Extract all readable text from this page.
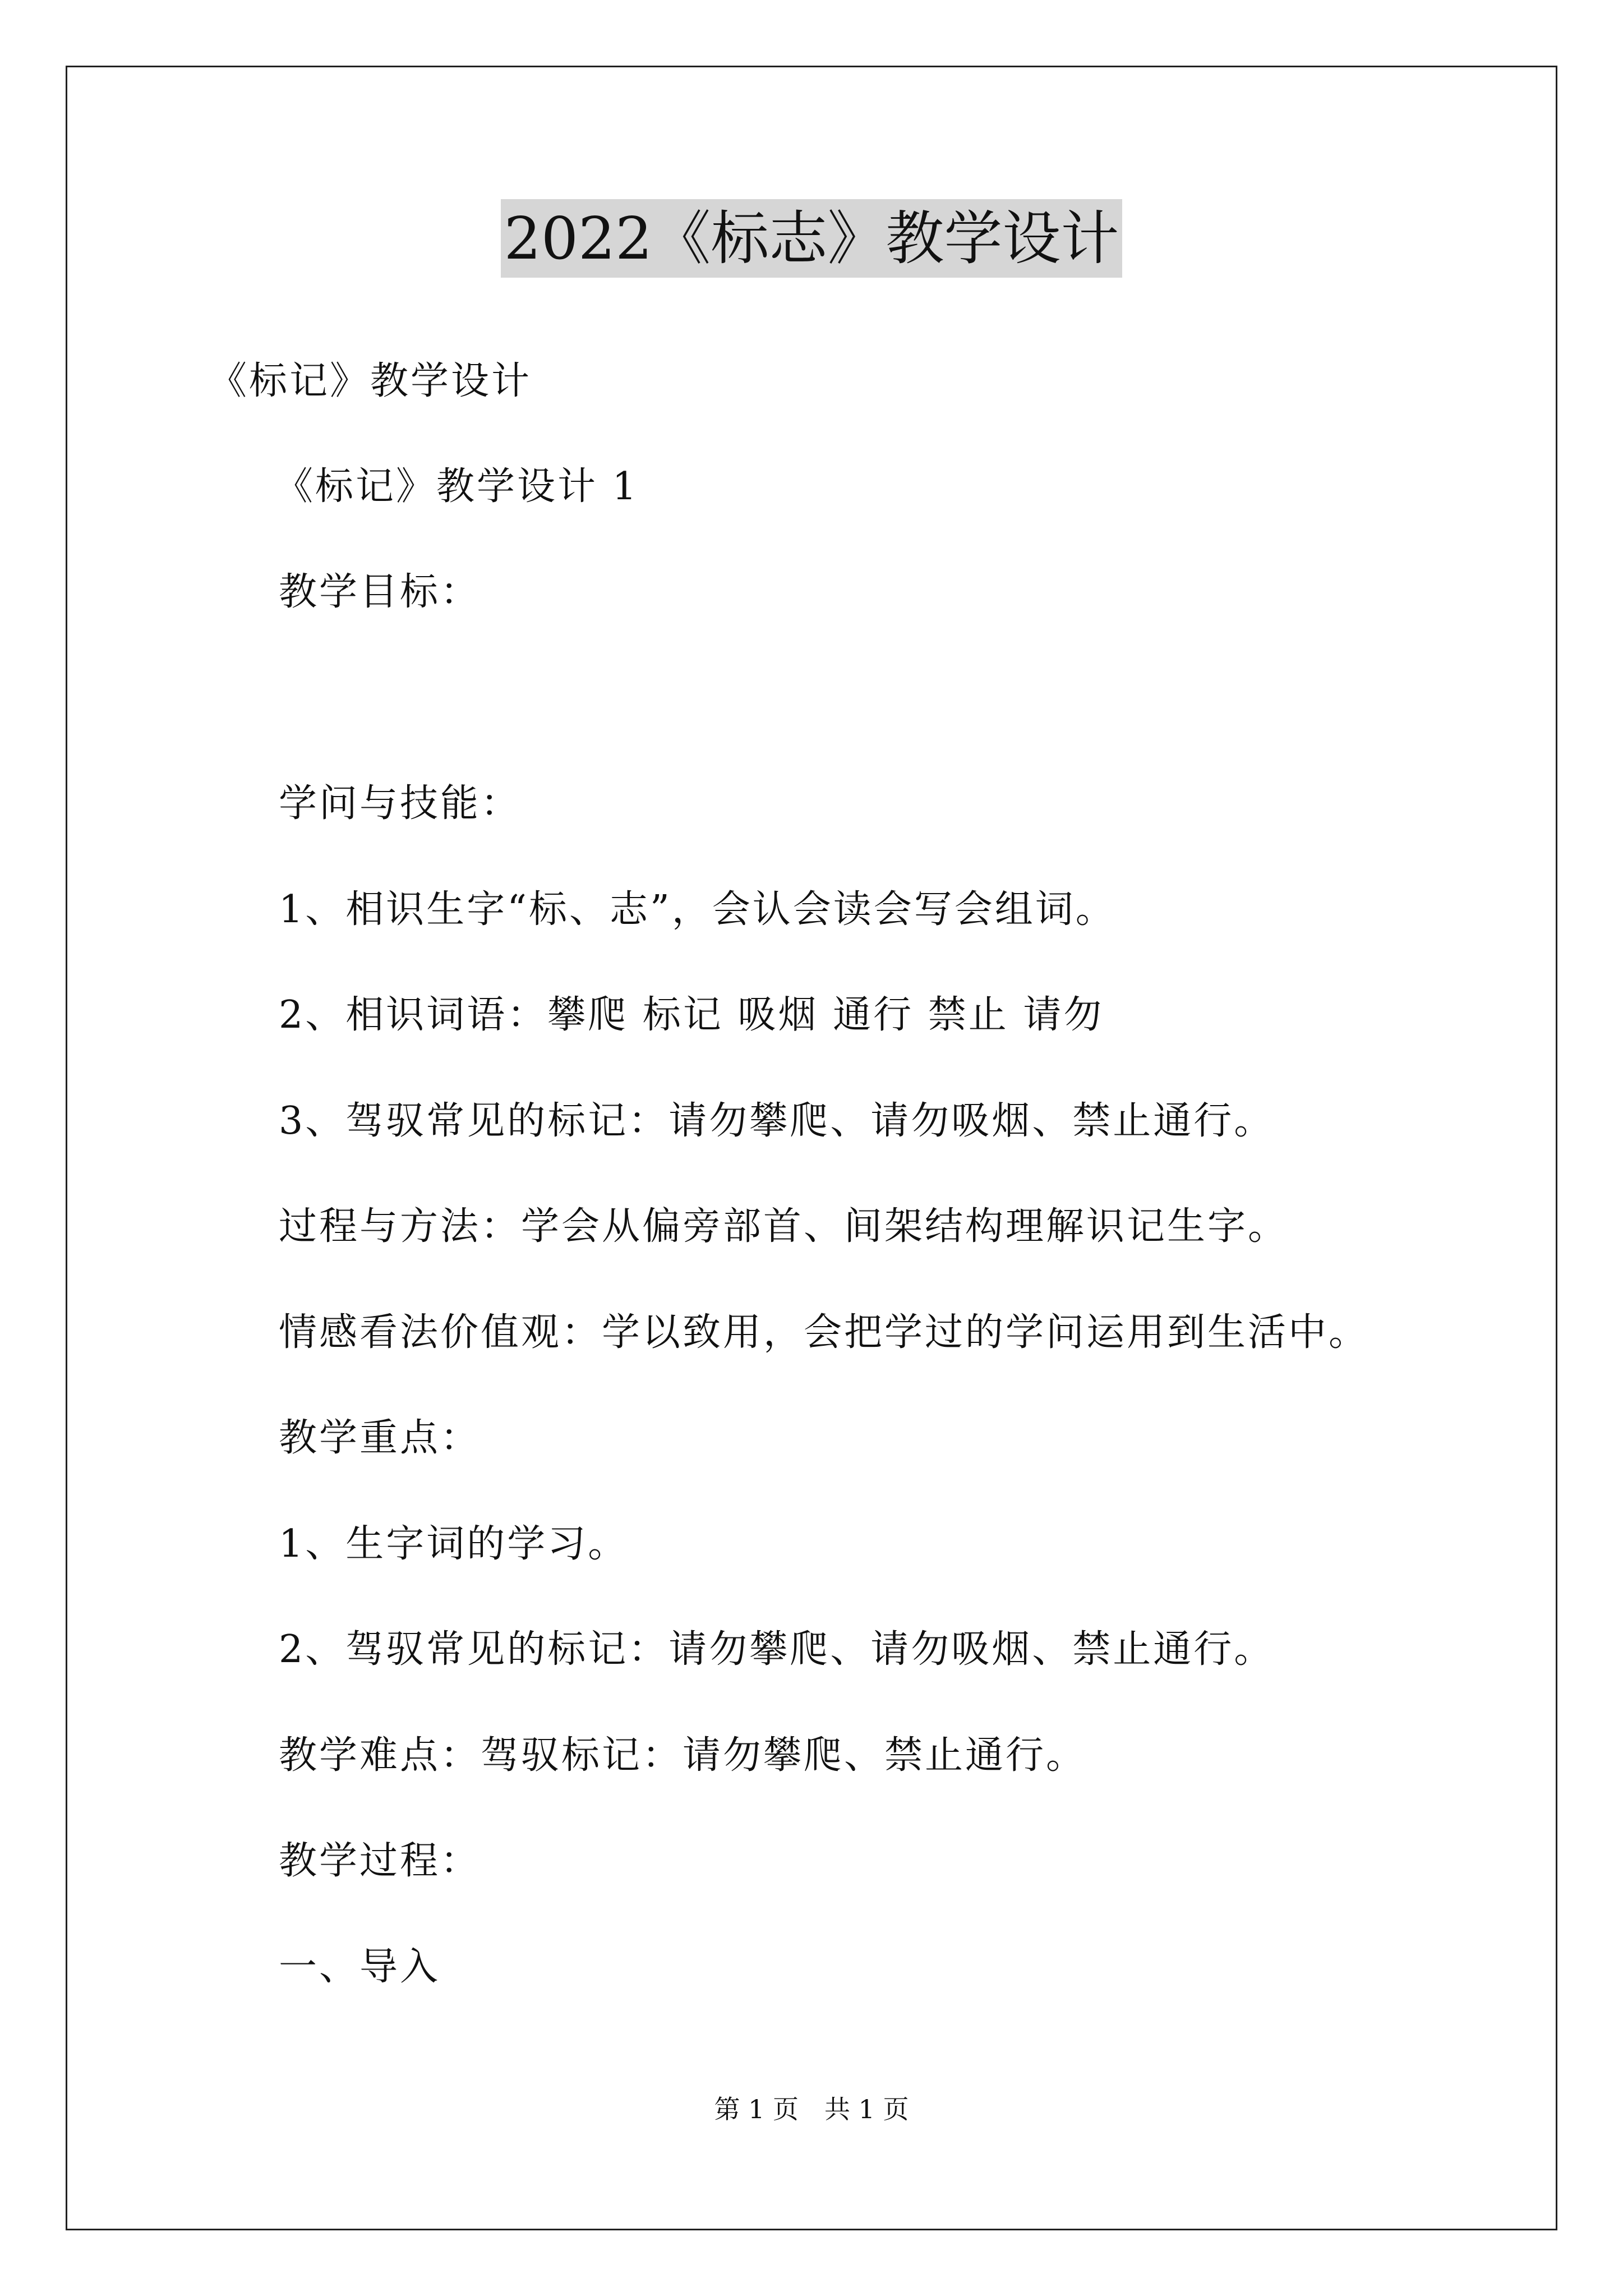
2022《标志》教学设计
《标记》教学设计
《标记》教学设计 1
教学目标：
学问与技能：
1、相识生字“标、志”，会认会读会写会组词。
2、相识词语：攀爬 标记 吸烟 通行 禁止 请勿
3、驾驭常见的标记：请勿攀爬、请勿吸烟、禁止通行。
过程与方法：学会从偏旁部首、间架结构理解识记生字。
情感看法价值观：学以致用，会把学过的学问运用到生活中。
教学重点：
1、生字词的学习。
2、驾驭常见的标记：请勿攀爬、请勿吸烟、禁止通行。
教学难点：驾驭标记：请勿攀爬、禁止通行。
教学过程：
一、导入
第 1 页　共 1 页
